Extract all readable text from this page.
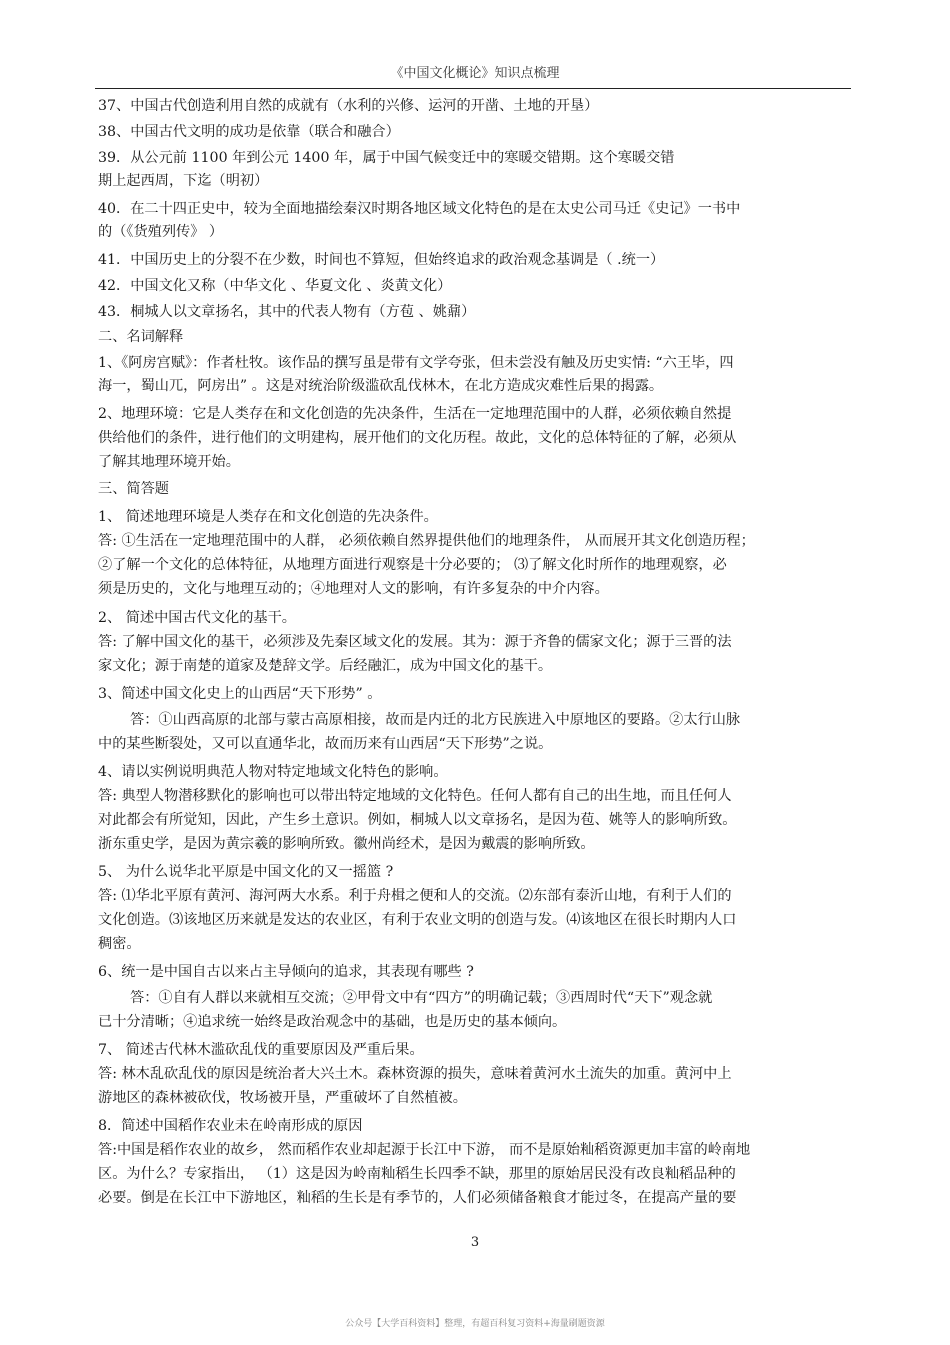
《中国文化概论》知识点梳理
37、中国古代创造利用自然的成就有（水利的兴修、运河的开凿、土地的开垦）
38、中国古代文明的成功是依靠（联合和融合）
39．从公元前 1100 年到公元 1400 年，属于中国气候变迁中的寒暖交错期。这个寒暖交错
期上起西周，下迄（明初）
40．在二十四正史中，较为全面地描绘秦汉时期各地区域文化特色的是在太史公司马迁《史记》一书中
的（《货殖列传》 ）
41．中国历史上的分裂不在少数，时间也不算短，但始终追求的政治观念基调是（ .统一）
42．中国文化又称（中华文化 、华夏文化 、炎黄文化）
43．桐城人以文章扬名，其中的代表人物有（方苞 、姚鼐）
二、名词解释
1、《阿房宫赋》：作者杜牧。该作品的撰写虽是带有文学夸张，但未尝没有触及历史实情: “六王毕，四
海一，蜀山兀，阿房出” 。这是对统治阶级滥砍乱伐林木，在北方造成灾难性后果的揭露。
2、地理环境：它是人类存在和文化创造的先决条件，生活在一定地理范围中的人群，必须依赖自然提
供给他们的条件，进行他们的文明建构，展开他们的文化历程。故此，文化的总体特征的了解，必须从
了解其地理环境开始。
三、简答题
1、 简述地理环境是人类存在和文化创造的先决条件。
答: ①生活在一定地理范围中的人群， 必须依赖自然界提供他们的地理条件， 从而展开其文化创造历程；
②了解一个文化的总体特征，从地理方面进行观察是十分必要的； ⑶了解文化时所作的地理观察，必
须是历史的，文化与地理互动的；④地理对人文的影响，有许多复杂的中介内容。
2、 简述中国古代文化的基干。
答: 了解中国文化的基干，必须涉及先秦区域文化的发展。其为：源于齐鲁的儒家文化；源于三晋的法
家文化；源于南楚的道家及楚辞文学。后经融汇，成为中国文化的基干。
3、简述中国文化史上的山西居“天下形势” 。
答：①山西高原的北部与蒙古高原相接，故而是内迁的北方民族进入中原地区的要路。②太行山脉
中的某些断裂处，又可以直通华北，故而历来有山西居“天下形势”之说。
4、请以实例说明典范人物对特定地域文化特色的影响。
答: 典型人物潜移默化的影响也可以带出特定地域的文化特色。任何人都有自己的出生地，而且任何人
对此都会有所觉知，因此，产生乡土意识。例如，桐城人以文章扬名，是因为苞、姚等人的影响所致。
浙东重史学，是因为黄宗羲的影响所致。徽州尚经术，是因为戴震的影响所致。
5、 为什么说华北平原是中国文化的又一摇篮 ?
答: ⑴华北平原有黄河、海河两大水系。利于舟楫之便和人的交流。⑵东部有泰沂山地，有利于人们的
文化创造。⑶该地区历来就是发达的农业区，有利于农业文明的创造与发。⑷该地区在很长时期内人口
稠密。
6、统一是中国自古以来占主导倾向的追求，其表现有哪些 ?
答：①自有人群以来就相互交流；②甲骨文中有“四方”的明确记载；③西周时代“天下”观念就
已十分清晰；④追求统一始终是政治观念中的基础，也是历史的基本倾向。
7、 简述古代林木滥砍乱伐的重要原因及严重后果。
答: 林木乱砍乱伐的原因是统治者大兴土木。森林资源的损失，意味着黄河水土流失的加重。黄河中上
游地区的森林被砍伐，牧场被开垦，严重破坏了自然植被。
8．简述中国稻作农业未在岭南形成的原因
答:中国是稻作农业的故乡， 然而稻作农业却起源于长江中下游， 而不是原始籼稻资源更加丰富的岭南地
区。为什么？专家指出， （1）这是因为岭南籼稻生长四季不缺，那里的原始居民没有改良籼稻品种的
必要。倒是在长江中下游地区，籼稻的生长是有季节的，人们必须储备粮食才能过冬，在提高产量的要
3
公众号【大学百科资料】整理，有超百科复习资料+海量刷题资源
